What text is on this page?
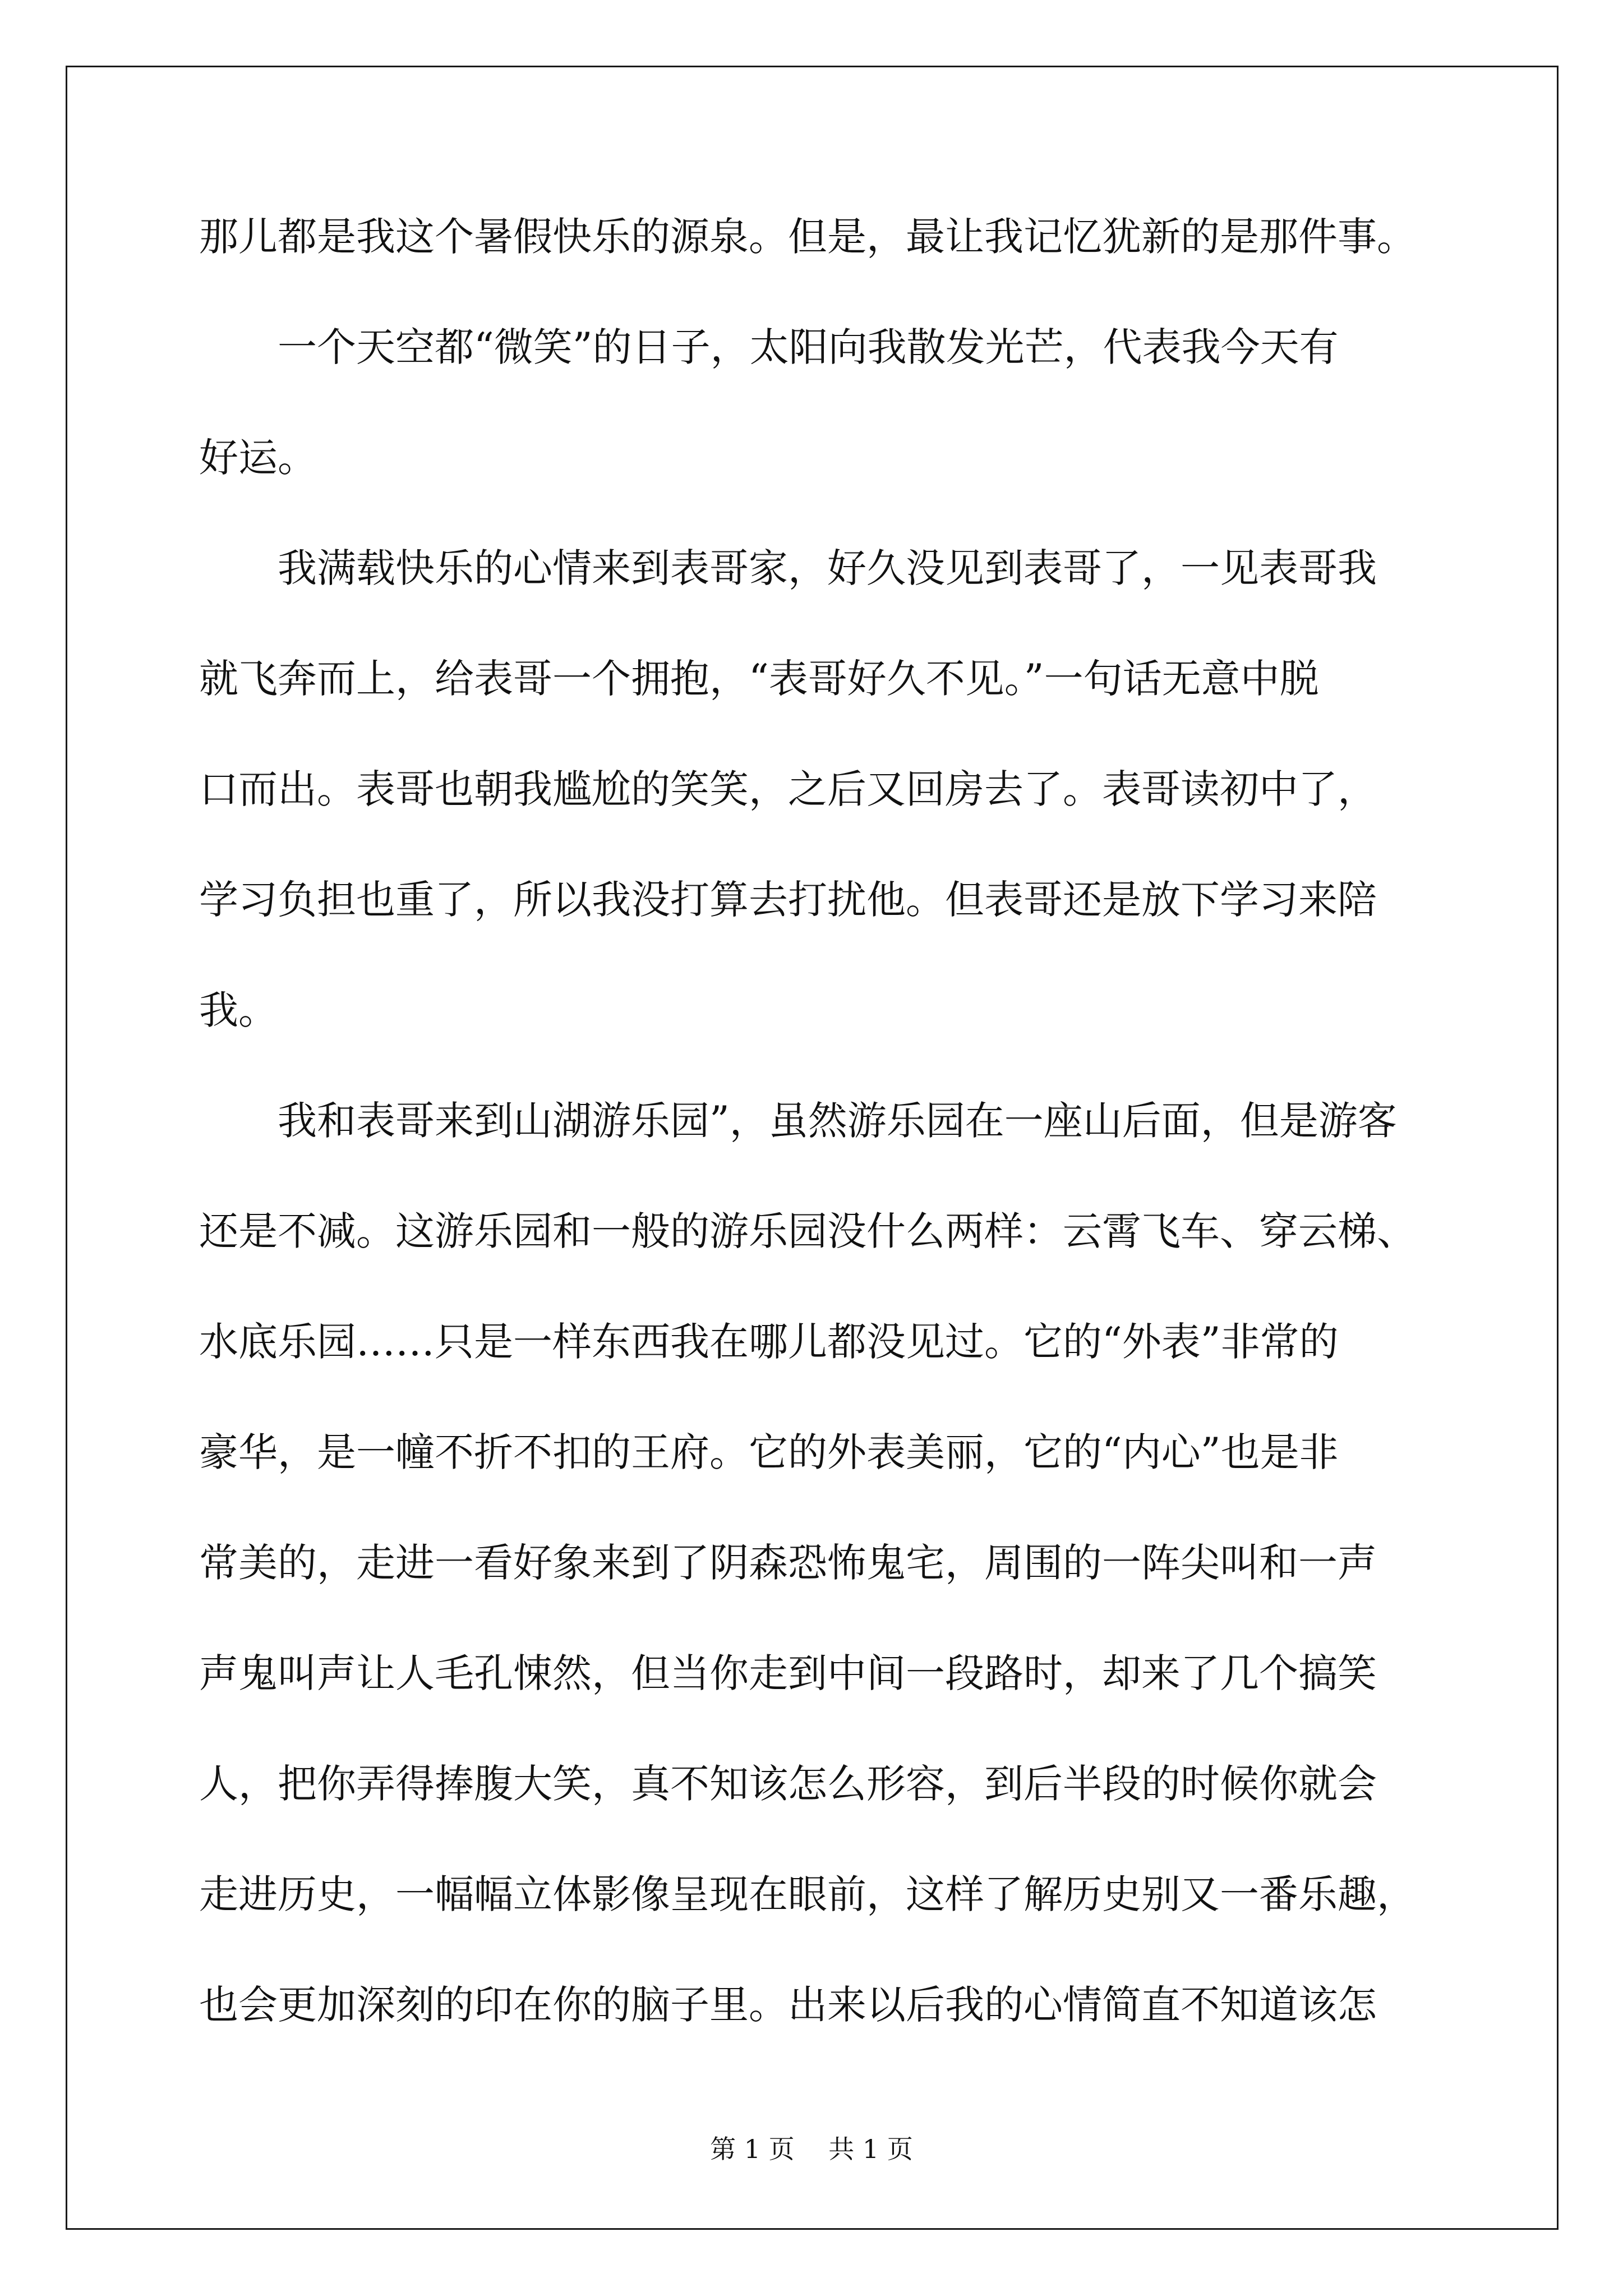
那儿都是我这个暑假快乐的源泉。但是，最让我记忆犹新的是那件事。

　　一个天空都“微笑”的日子，太阳向我散发光芒，代表我今天有

好运。

　　我满载快乐的心情来到表哥家，好久没见到表哥了，一见表哥我

就飞奔而上，给表哥一个拥抱，“表哥好久不见。”一句话无意中脱

口而出。表哥也朝我尴尬的笑笑，之后又回房去了。表哥读初中了，

学习负担也重了，所以我没打算去打扰他。但表哥还是放下学习来陪

我。

　　我和表哥来到山湖游乐园”，虽然游乐园在一座山后面，但是游客

还是不减。这游乐园和一般的游乐园没什么两样：云霄飞车、穿云梯、

水底乐园……只是一样东西我在哪儿都没见过。它的“外表”非常的

豪华，是一幢不折不扣的王府。它的外表美丽，它的“内心”也是非

常美的，走进一看好象来到了阴森恐怖鬼宅，周围的一阵尖叫和一声

声鬼叫声让人毛孔悚然，但当你走到中间一段路时，却来了几个搞笑

人，把你弄得捧腹大笑，真不知该怎么形容，到后半段的时候你就会

走进历史，一幅幅立体影像呈现在眼前，这样了解历史别又一番乐趣，

也会更加深刻的印在你的脑子里。出来以后我的心情简直不知道该怎

第 1 页　 共 1 页
